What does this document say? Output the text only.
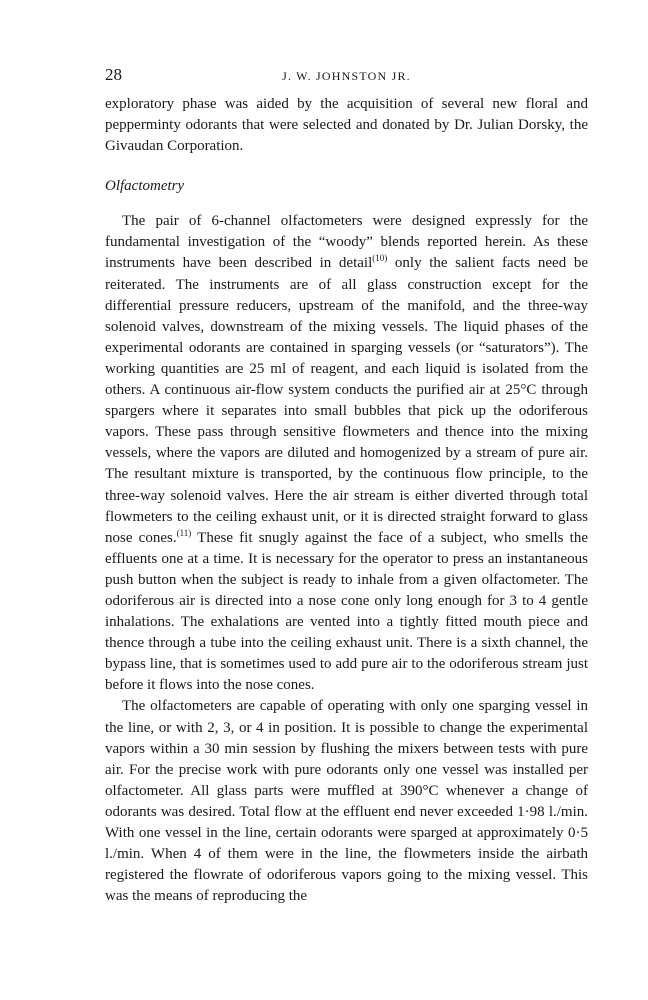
28	J. W. JOHNSTON JR.

exploratory phase was aided by the acquisition of several new floral and pepperminty odorants that were selected and donated by Dr. Julian Dorsky, the Givaudan Corporation.

Olfactometry

The pair of 6-channel olfactometers were designed expressly for the fundamental investigation of the “woody” blends reported herein. As these instruments have been described in detail$^{(10)}$ only the salient facts need be reiterated. The instruments are of all glass construction except for the differential pressure reducers, upstream of the manifold, and the three-way solenoid valves, downstream of the mixing vessels. The liquid phases of the experimental odorants are contained in sparging vessels (or “saturators”). The working quantities are 25 ml of reagent, and each liquid is isolated from the others. A continuous air-flow system conducts the purified air at 25°C through spargers where it separates into small bubbles that pick up the odoriferous vapors. These pass through sensitive flowmeters and thence into the mixing vessels, where the vapors are diluted and homogenized by a stream of pure air. The resultant mixture is transported, by the continuous flow principle, to the three-way solenoid valves. Here the air stream is either diverted through total flowmeters to the ceiling exhaust unit, or it is directed straight forward to glass nose cones.$^{(11)}$ These fit snugly against the face of a subject, who smells the effluents one at a time. It is necessary for the operator to press an instantaneous push button when the subject is ready to inhale from a given olfactometer. The odoriferous air is directed into a nose cone only long enough for 3 to 4 gentle inhalations. The exhalations are vented into a tightly fitted mouth piece and thence through a tube into the ceiling exhaust unit. There is a sixth channel, the bypass line, that is sometimes used to add pure air to the odoriferous stream just before it flows into the nose cones.

The olfactometers are capable of operating with only one sparging vessel in the line, or with 2, 3, or 4 in position. It is possible to change the experimental vapors within a 30 min session by flushing the mixers between tests with pure air. For the precise work with pure odorants only one vessel was installed per olfactometer. All glass parts were muffled at 390°C whenever a change of odorants was desired. Total flow at the effluent end never exceeded 1·98 l./min. With one vessel in the line, certain odorants were sparged at approximately 0·5 l./min. When 4 of them were in the line, the flowmeters inside the airbath registered the flowrate of odoriferous vapors going to the mixing vessel. This was the means of reproducing the
